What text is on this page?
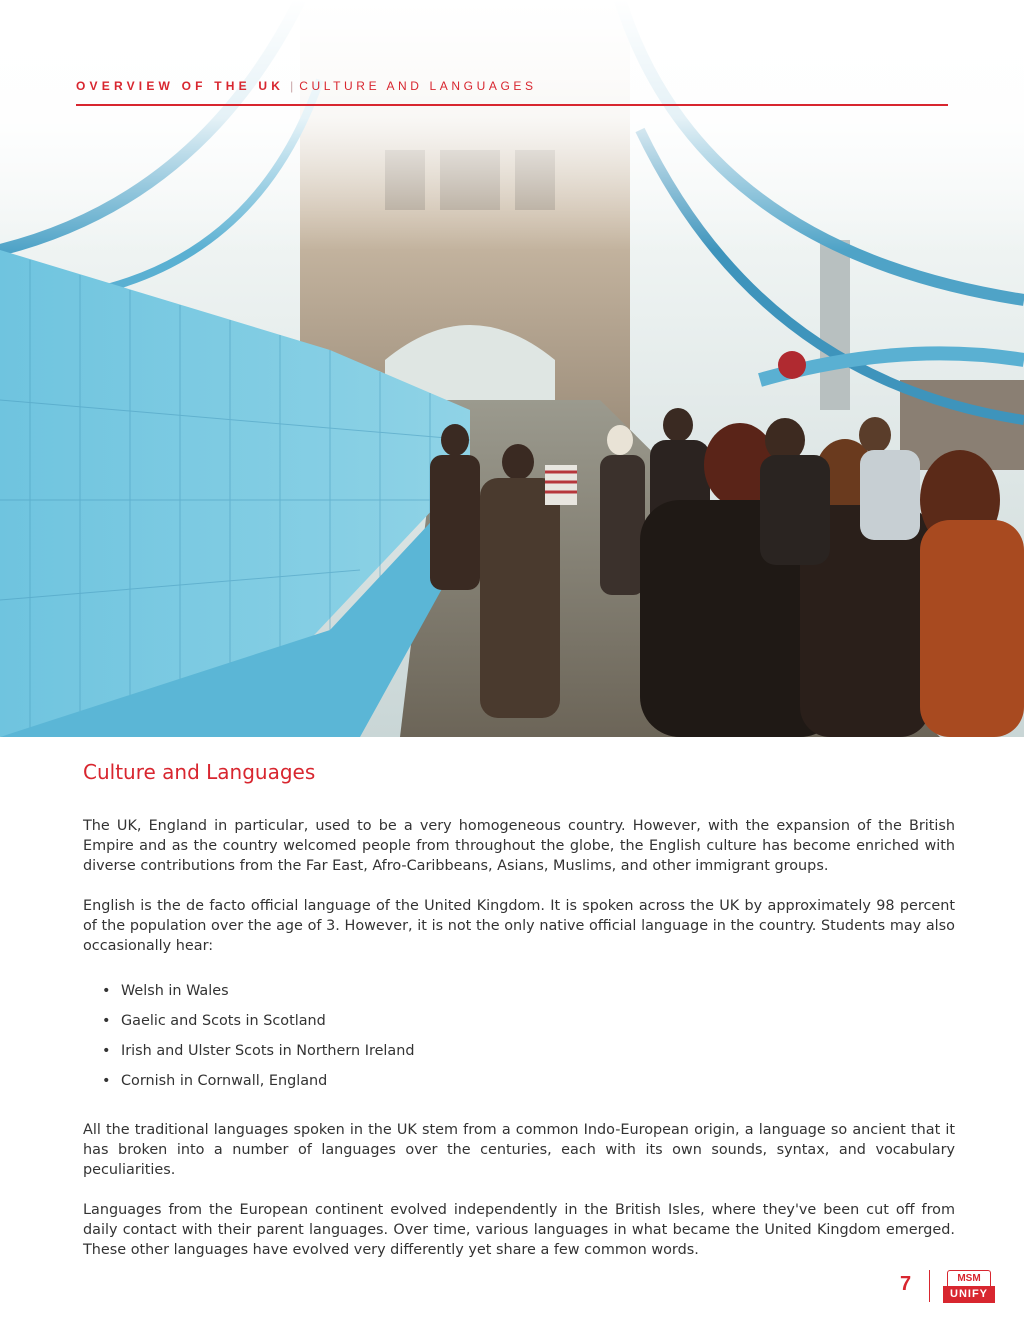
OVERVIEW OF THE UK | CULTURE AND LANGUAGES
Culture and Languages

The UK, England in particular, used to be a very homogeneous country. However, with the expansion of the British Empire and as the country welcomed people from throughout the globe, the English culture has become enriched with diverse contributions from the Far East, Afro-Caribbeans, Asians, Muslims, and other immigrant groups.

English is the de facto official language of the United Kingdom. It is spoken across the UK by approximately 98 percent of the population over the age of 3. However, it is not the only native official language in the country. Students may also occasionally hear:

• Welsh in Wales
• Gaelic and Scots in Scotland
• Irish and Ulster Scots in Northern Ireland
• Cornish in Cornwall, England

All the traditional languages spoken in the UK stem from a common Indo-European origin, a language so ancient that it has broken into a number of languages over the centuries, each with its own sounds, syntax, and vocabulary peculiarities.

Languages from the European continent evolved independently in the British Isles, where they've been cut off from daily contact with their parent languages. Over time, various languages in what became the United Kingdom emerged. These other languages have evolved very differently yet share a few common words.

7	MSM
UNIFY
